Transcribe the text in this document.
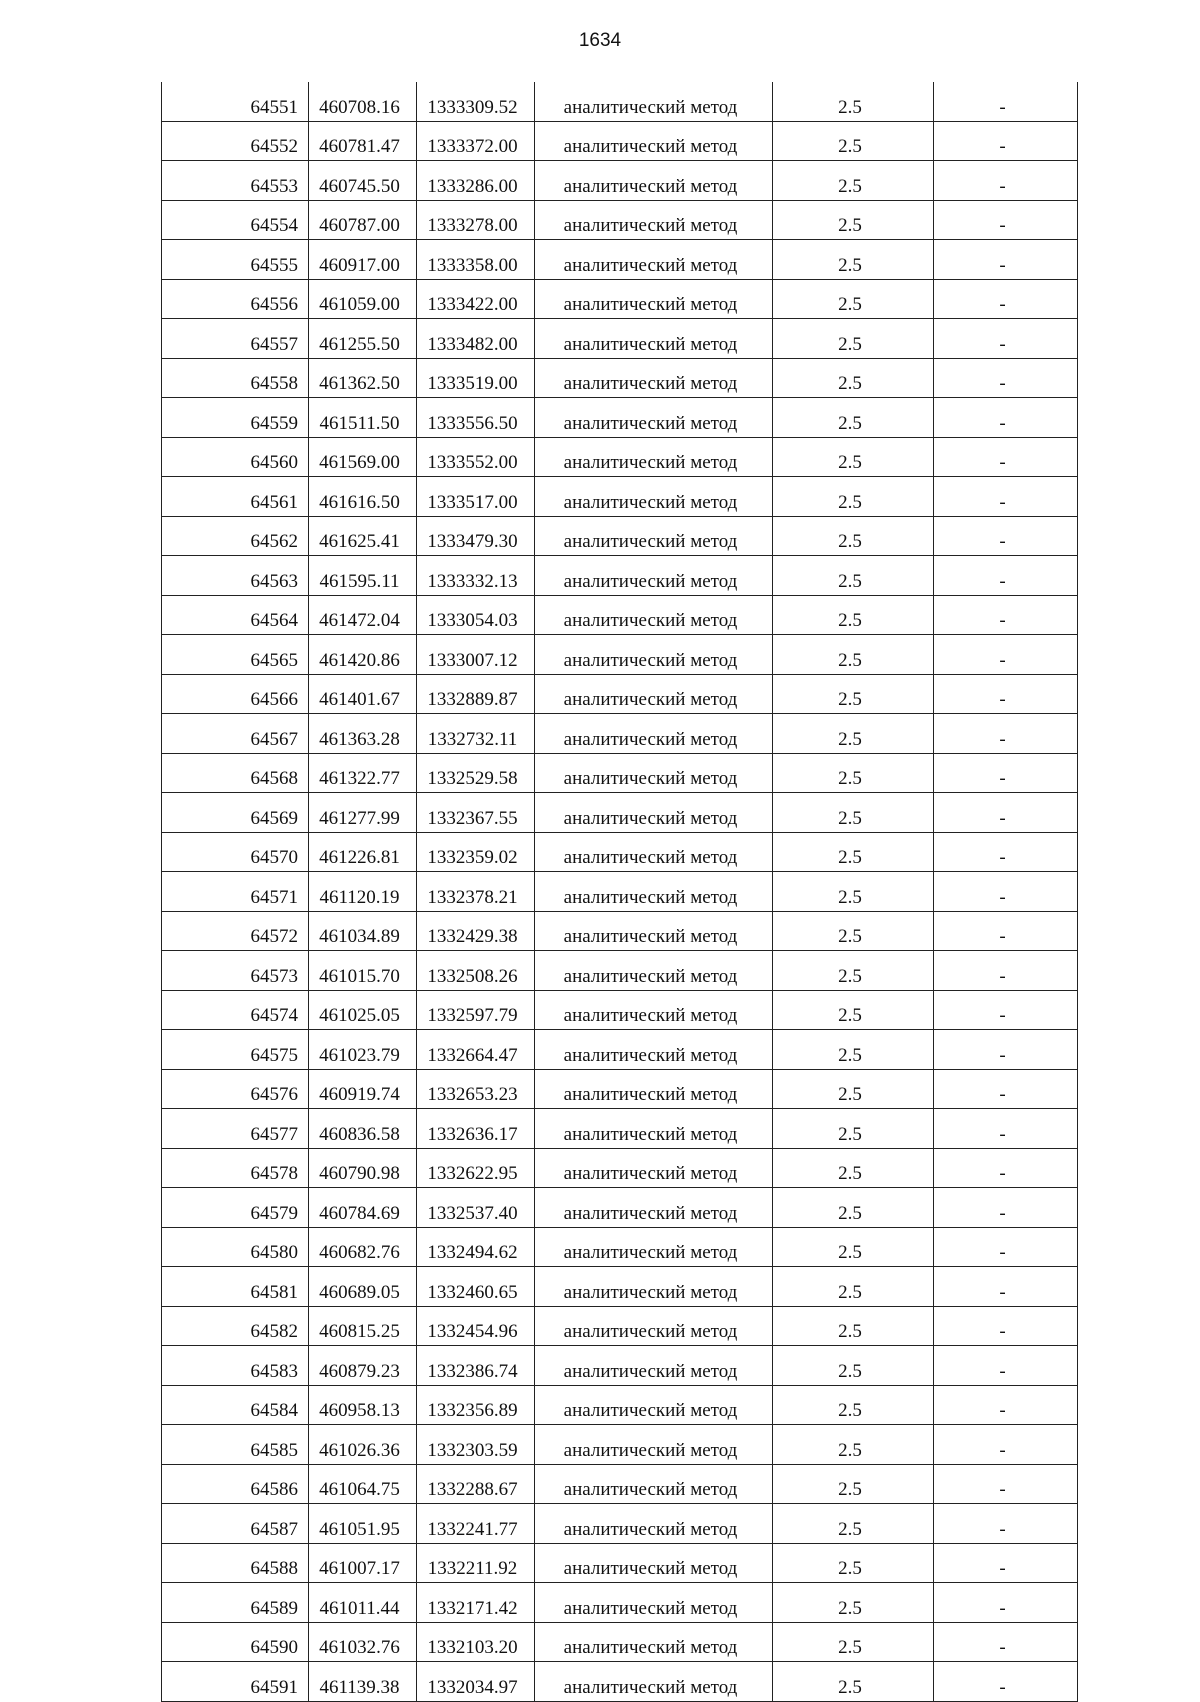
1634
64551	460708.16	1333309.52	аналитический метод	2.5	-
64552	460781.47	1333372.00	аналитический метод	2.5	-
64553	460745.50	1333286.00	аналитический метод	2.5	-
64554	460787.00	1333278.00	аналитический метод	2.5	-
64555	460917.00	1333358.00	аналитический метод	2.5	-
64556	461059.00	1333422.00	аналитический метод	2.5	-
64557	461255.50	1333482.00	аналитический метод	2.5	-
64558	461362.50	1333519.00	аналитический метод	2.5	-
64559	461511.50	1333556.50	аналитический метод	2.5	-
64560	461569.00	1333552.00	аналитический метод	2.5	-
64561	461616.50	1333517.00	аналитический метод	2.5	-
64562	461625.41	1333479.30	аналитический метод	2.5	-
64563	461595.11	1333332.13	аналитический метод	2.5	-
64564	461472.04	1333054.03	аналитический метод	2.5	-
64565	461420.86	1333007.12	аналитический метод	2.5	-
64566	461401.67	1332889.87	аналитический метод	2.5	-
64567	461363.28	1332732.11	аналитический метод	2.5	-
64568	461322.77	1332529.58	аналитический метод	2.5	-
64569	461277.99	1332367.55	аналитический метод	2.5	-
64570	461226.81	1332359.02	аналитический метод	2.5	-
64571	461120.19	1332378.21	аналитический метод	2.5	-
64572	461034.89	1332429.38	аналитический метод	2.5	-
64573	461015.70	1332508.26	аналитический метод	2.5	-
64574	461025.05	1332597.79	аналитический метод	2.5	-
64575	461023.79	1332664.47	аналитический метод	2.5	-
64576	460919.74	1332653.23	аналитический метод	2.5	-
64577	460836.58	1332636.17	аналитический метод	2.5	-
64578	460790.98	1332622.95	аналитический метод	2.5	-
64579	460784.69	1332537.40	аналитический метод	2.5	-
64580	460682.76	1332494.62	аналитический метод	2.5	-
64581	460689.05	1332460.65	аналитический метод	2.5	-
64582	460815.25	1332454.96	аналитический метод	2.5	-
64583	460879.23	1332386.74	аналитический метод	2.5	-
64584	460958.13	1332356.89	аналитический метод	2.5	-
64585	461026.36	1332303.59	аналитический метод	2.5	-
64586	461064.75	1332288.67	аналитический метод	2.5	-
64587	461051.95	1332241.77	аналитический метод	2.5	-
64588	461007.17	1332211.92	аналитический метод	2.5	-
64589	461011.44	1332171.42	аналитический метод	2.5	-
64590	461032.76	1332103.20	аналитический метод	2.5	-
64591	461139.38	1332034.97	аналитический метод	2.5	-
